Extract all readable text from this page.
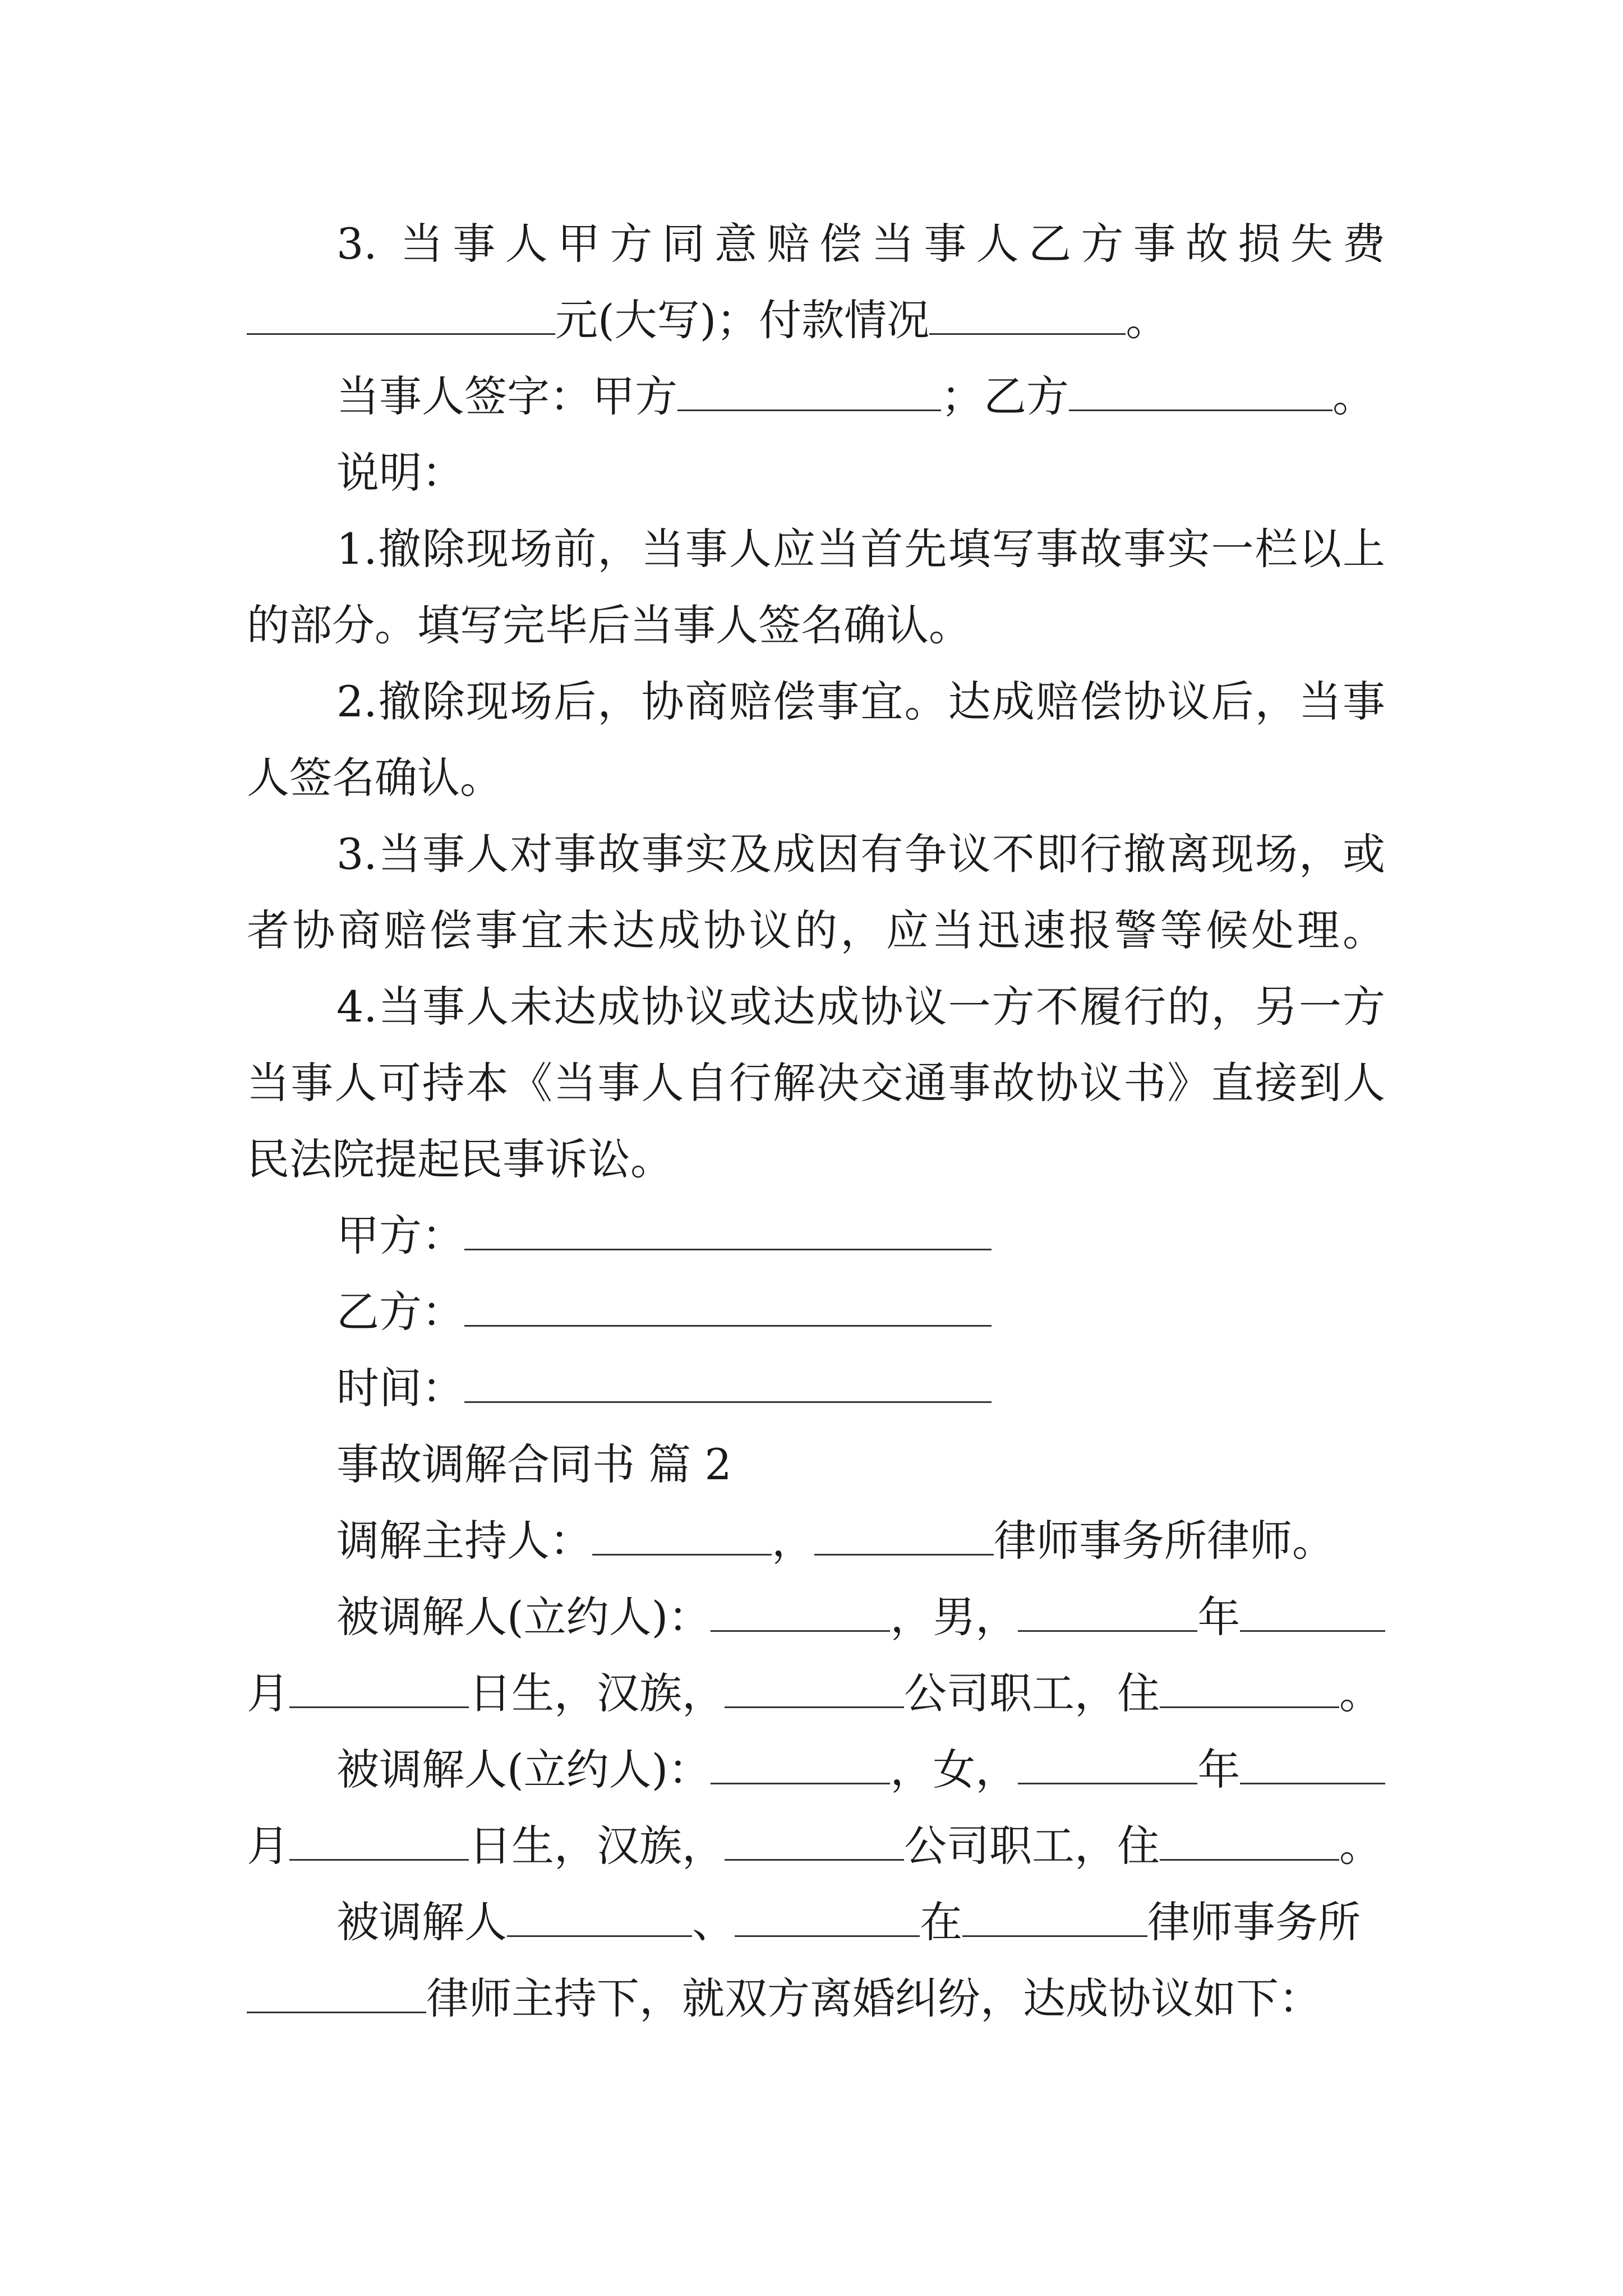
3. 当事人甲方同意赔偿当事人乙方事故损失费
元(大写)；付款情况	。
当事人签字：甲方	；乙方	。
说明：
1.撤除现场前，当事人应当首先填写事故事实一栏以上
的部分。填写完毕后当事人签名确认。
2.撤除现场后，协商赔偿事宜。达成赔偿协议后，当事
人签名确认。
3.当事人对事故事实及成因有争议不即行撤离现场，或
者协商赔偿事宜未达成协议的，应当迅速报警等候处理。
4.当事人未达成协议或达成协议一方不履行的，另一方
当事人可持本《当事人自行解决交通事故协议书》直接到人
民法院提起民事诉讼。
甲方：
乙方：
时间：
事故调解合同书 篇 2
调解主持人：	，	律师事务所律师。
被调解人(立约人)：	，男，	年
月	日生，汉族，	公司职工，住	。
被调解人(立约人)：	，女，	年
月	日生，汉族，	公司职工，住	。
被调解人	、	在	律师事务所
律师主持下，就双方离婚纠纷，达成协议如下：
